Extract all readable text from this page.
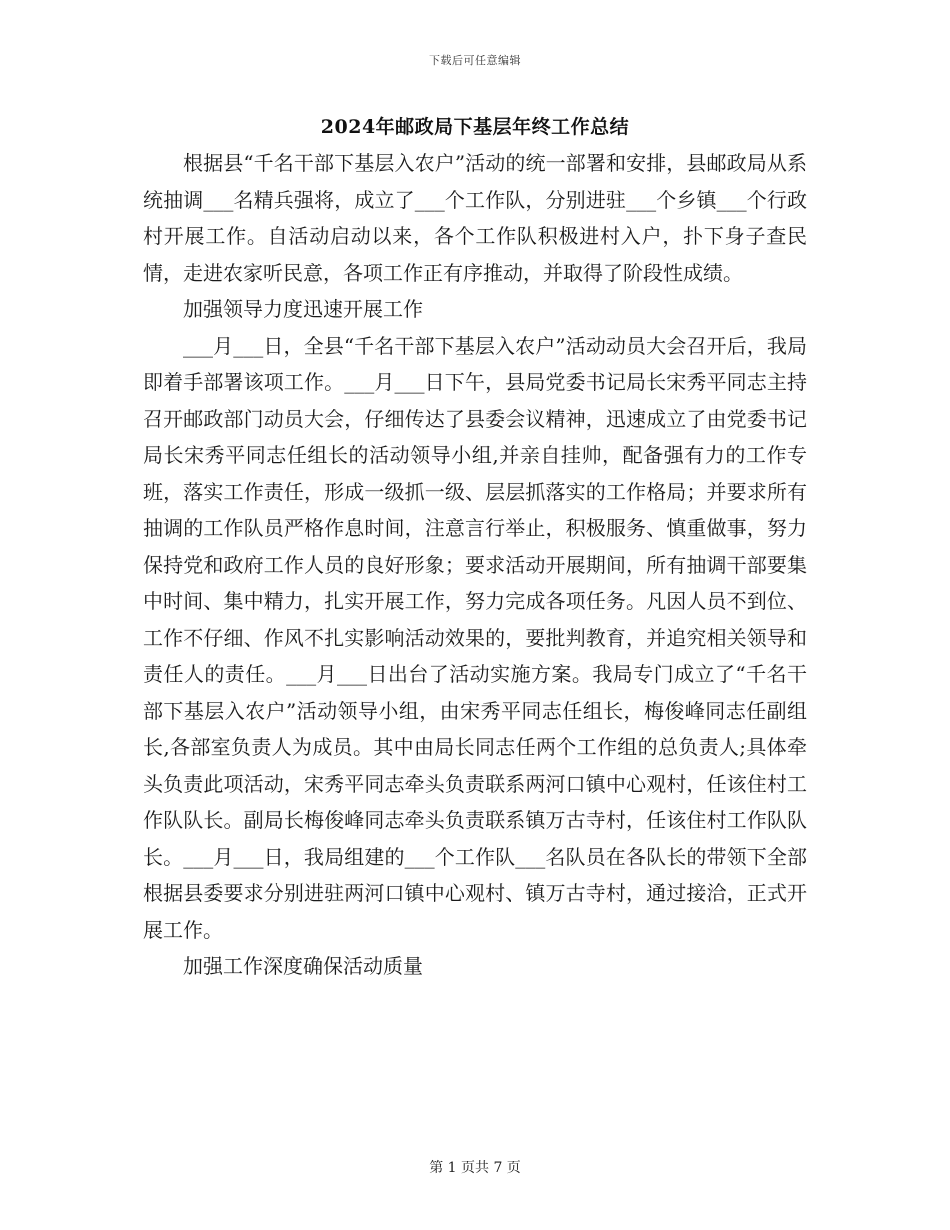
下载后可任意编辑
2024年邮政局下基层年终工作总结

根据县“千名干部下基层入农户”活动的统一部署和安排，县邮政局从系统抽调___名精兵强将，成立了___个工作队，分别进驻___个乡镇___个行政村开展工作。自活动启动以来，各个工作队积极进村入户，扑下身子查民情，走进农家听民意，各项工作正有序推动，并取得了阶段性成绩。

加强领导力度迅速开展工作

___月___日，全县“千名干部下基层入农户”活动动员大会召开后，我局即着手部署该项工作。___月___日下午，县局党委书记局长宋秀平同志主持召开邮政部门动员大会，仔细传达了县委会议精神，迅速成立了由党委书记局长宋秀平同志任组长的活动领导小组,并亲自挂帅，配备强有力的工作专班，落实工作责任，形成一级抓一级、层层抓落实的工作格局；并要求所有抽调的工作队员严格作息时间，注意言行举止，积极服务、慎重做事，努力保持党和政府工作人员的良好形象；要求活动开展期间，所有抽调干部要集中时间、集中精力，扎实开展工作，努力完成各项任务。凡因人员不到位、工作不仔细、作风不扎实影响活动效果的，要批判教育，并追究相关领导和责任人的责任。___月___日出台了活动实施方案。我局专门成立了“千名干部下基层入农户”活动领导小组，由宋秀平同志任组长，梅俊峰同志任副组长,各部室负责人为成员。其中由局长同志任两个工作组的总负责人;具体牵头负责此项活动，宋秀平同志牵头负责联系两河口镇中心观村，任该住村工作队队长。副局长梅俊峰同志牵头负责联系镇万古寺村，任该住村工作队队长。___月___日，我局组建的___个工作队___名队员在各队长的带领下全部根据县委要求分别进驻两河口镇中心观村、镇万古寺村，通过接洽，正式开展工作。

加强工作深度确保活动质量

第 1 页共 7 页
